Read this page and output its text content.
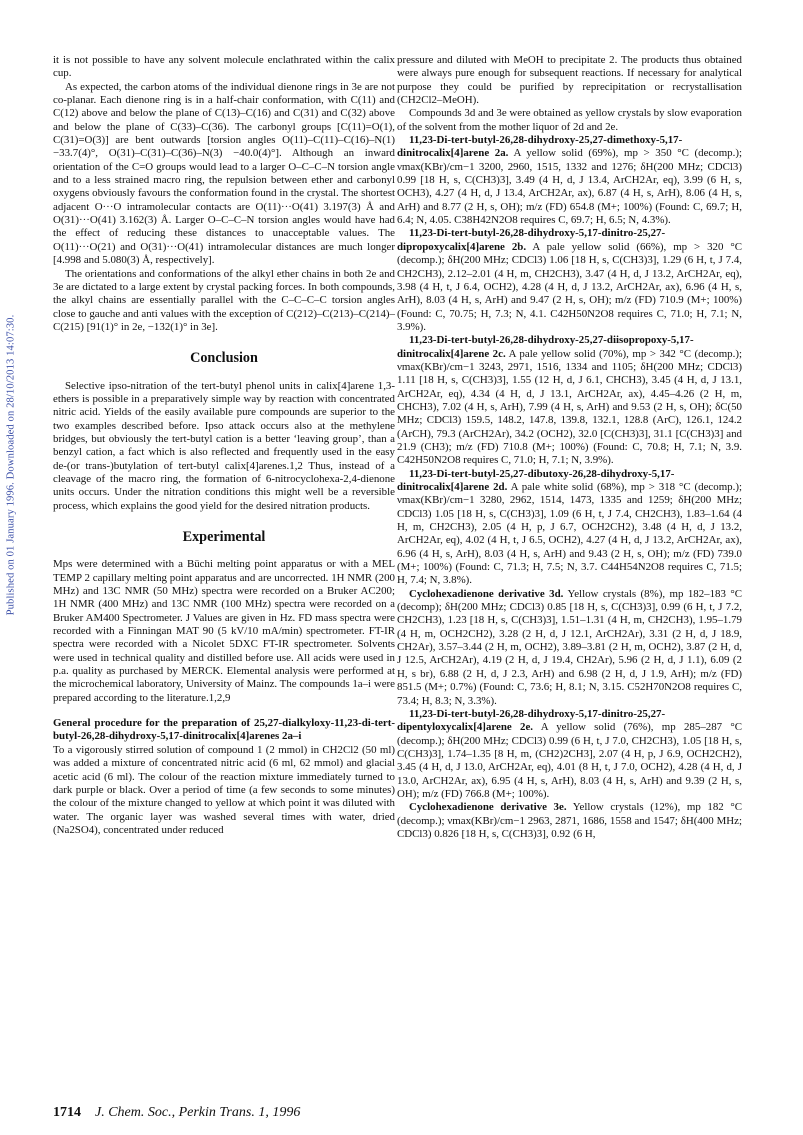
Published on 01 January 1996. Downloaded on 28/10/2013 14:07:30.

it is not possible to have any solvent molecule enclathrated within the calix cup.

As expected, the carbon atoms of the individual dienone rings in 3e are not co-planar. Each dienone ring is in a half-chair conformation, with C(11) and C(12) above and below the plane of C(13)–C(16) and C(31) and C(32) above and below the plane of C(33)–C(36). The carbonyl groups [C(11)=O(1), C(31)=O(3)] are bent outwards [torsion angles O(11)–C(11)–C(16)–N(1) −33.7(4)°, O(31)–C(31)–C(36)–N(3) −40.0(4)°]. Although an inward orientation of the C=O groups would lead to a larger O–C–C–N torsion angle and to a less strained macro ring, the repulsion between ether and carbonyl oxygens obviously favours the conformation found in the crystal. The shortest adjacent O···O intramolecular contacts are O(11)···O(41) 3.197(3) Å and O(31)···O(41) 3.162(3) Å. Larger O–C–C–N torsion angles would have had the effect of reducing these distances to unacceptable values. The O(11)···O(21) and O(31)···O(41) intramolecular distances are much longer [4.998 and 5.080(3) Å, respectively].

The orientations and conformations of the alkyl ether chains in both 2e and 3e are dictated to a large extent by crystal packing forces. In both compounds, the alkyl chains are essentially parallel with the C–C–C–C torsion angles close to gauche and anti values with the exception of C(212)–C(213)–C(214)–C(215) [91(1)° in 2e, −132(1)° in 3e].

Conclusion

Selective ipso-nitration of the tert-butyl phenol units in calix[4]arene 1,3-ethers is possible in a preparatively simple way by reaction with concentrated nitric acid. Yields of the easily available pure compounds are superior to the two examples described before. Ipso attack occurs also at the methylene bridges, but obviously the tert-butyl cation is a better ‘leaving group’, than a benzyl cation, a fact which is also reflected and frequently used in the easy de-(or trans-)butylation of tert-butyl calix[4]arenes.1,2 Thus, instead of a cleavage of the macro ring, the formation of 6-nitrocyclohexa-2,4-dienone units occurs. Under the nitration conditions this might well be a reversible process, which explains the good yield for the desired nitration products.

Experimental

Mps were determined with a Büchi melting point apparatus or with a MEL TEMP 2 capillary melting point apparatus and are uncorrected. 1H NMR (200 MHz) and 13C NMR (50 MHz) spectra were recorded on a Bruker AC200; 1H NMR (400 MHz) and 13C NMR (100 MHz) spectra were recorded on a Bruker AM400 Spectrometer. J Values are given in Hz. FD mass spectra were recorded with a Finningan MAT 90 (5 kV/10 mA/min) spectrometer. FT-IR spectra were recorded with a Nicolet 5DXC FT-IR spectrometer. Solvents were used in technical quality and distilled before use. All acids were used in p.a. quality as purchased by MERCK. Elemental analysis were performed at the microchemical laboratory, University of Mainz. The compounds 1a–i were prepared according to the literature.1,2,9

General procedure for the preparation of 25,27-dialkyloxy-11,23-di-tert-butyl-26,28-dihydroxy-5,17-dinitrocalix[4]arenes 2a–i

To a vigorously stirred solution of compound 1 (2 mmol) in CH2Cl2 (50 ml) was added a mixture of concentrated nitric acid (6 ml, 62 mmol) and glacial acetic acid (6 ml). The colour of the reaction mixture immediately turned to dark purple or black. Over a period of time (a few seconds to some minutes) the colour of the mixture changed to yellow at which point it was diluted with water. The organic layer was washed several times with water, dried (Na2SO4), concentrated under reduced

pressure and diluted with MeOH to precipitate 2. The products thus obtained were always pure enough for subsequent reactions. If necessary for analytical purpose they could be purified by reprecipitation or recrystallisation (CH2Cl2–MeOH).

Compounds 3d and 3e were obtained as yellow crystals by slow evaporation of the solvent from the mother liquor of 2d and 2e.

11,23-Di-tert-butyl-26,28-dihydroxy-25,27-dimethoxy-5,17-dinitrocalix[4]arene 2a. A yellow solid (69%), mp > 350 °C (decomp.); νmax(KBr)/cm−1 3200, 2960, 1515, 1332 and 1276; δH(200 MHz; CDCl3) 0.99 [18 H, s, C(CH3)3], 3.49 (4 H, d, J 13.4, ArCH2Ar, eq), 3.99 (6 H, s, OCH3), 4.27 (4 H, d, J 13.4, ArCH2Ar, ax), 6.87 (4 H, s, ArH), 8.06 (4 H, s, ArH) and 8.77 (2 H, s, OH); m/z (FD) 654.8 (M+; 100%) (Found: C, 69.7; H, 6.4; N, 4.05. C38H42N2O8 requires C, 69.7; H, 6.5; N, 4.3%).

11,23-Di-tert-butyl-26,28-dihydroxy-5,17-dinitro-25,27-dipropoxycalix[4]arene 2b. A pale yellow solid (66%), mp > 320 °C (decomp.); δH(200 MHz; CDCl3) 1.06 [18 H, s, C(CH3)3], 1.29 (6 H, t, J 7.4, CH2CH3), 2.12–2.01 (4 H, m, CH2CH3), 3.47 (4 H, d, J 13.2, ArCH2Ar, eq), 3.98 (4 H, t, J 6.4, OCH2), 4.28 (4 H, d, J 13.2, ArCH2Ar, ax), 6.96 (4 H, s, ArH), 8.03 (4 H, s, ArH) and 9.47 (2 H, s, OH); m/z (FD) 710.9 (M+; 100%) (Found: C, 70.75; H, 7.3; N, 4.1. C42H50N2O8 requires C, 71.0; H, 7.1; N, 3.9%).

11,23-Di-tert-butyl-26,28-dihydroxy-25,27-diisopropoxy-5,17-dinitrocalix[4]arene 2c. A pale yellow solid (70%), mp > 342 °C (decomp.); νmax(KBr)/cm−1 3243, 2971, 1516, 1334 and 1105; δH(200 MHz; CDCl3) 1.11 [18 H, s, C(CH3)3], 1.55 (12 H, d, J 6.1, CHCH3), 3.45 (4 H, d, J 13.1, ArCH2Ar, eq), 4.34 (4 H, d, J 13.1, ArCH2Ar, ax), 4.45–4.26 (2 H, m, CHCH3), 7.02 (4 H, s, ArH), 7.99 (4 H, s, ArH) and 9.53 (2 H, s, OH); δC(50 MHz; CDCl3) 159.5, 148.2, 147.8, 139.8, 132.1, 128.8 (ArC), 126.1, 124.2 (ArCH), 79.3 (ArCH2Ar), 34.2 (OCH2), 32.0 [C(CH3)3], 31.1 [C(CH3)3] and 21.9 (CH3); m/z (FD) 710.8 (M+; 100%) (Found: C, 70.8; H, 7.1; N, 3.9. C42H50N2O8 requires C, 71.0; H, 7.1; N, 3.9%).

11,23-Di-tert-butyl-25,27-dibutoxy-26,28-dihydroxy-5,17-dinitrocalix[4]arene 2d. A pale white solid (68%), mp > 318 °C (decomp.); νmax(KBr)/cm−1 3280, 2962, 1514, 1473, 1335 and 1259; δH(200 MHz; CDCl3) 1.05 [18 H, s, C(CH3)3], 1.09 (6 H, t, J 7.4, CH2CH3), 1.83–1.64 (4 H, m, CH2CH3), 2.05 (4 H, p, J 6.7, OCH2CH2), 3.48 (4 H, d, J 13.2, ArCH2Ar, eq), 4.02 (4 H, t, J 6.5, OCH2), 4.27 (4 H, d, J 13.2, ArCH2Ar, ax), 6.96 (4 H, s, ArH), 8.03 (4 H, s, ArH) and 9.43 (2 H, s, OH); m/z (FD) 739.0 (M+; 100%) (Found: C, 71.3; H, 7.5; N, 3.7. C44H54N2O8 requires C, 71.5; H, 7.4; N, 3.8%).

Cyclohexadienone derivative 3d. Yellow crystals (8%), mp 182–183 °C (decomp); δH(200 MHz; CDCl3) 0.85 [18 H, s, C(CH3)3], 0.99 (6 H, t, J 7.2, CH2CH3), 1.23 [18 H, s, C(CH3)3], 1.51–1.31 (4 H, m, CH2CH3), 1.95–1.79 (4 H, m, OCH2CH2), 3.28 (2 H, d, J 12.1, ArCH2Ar), 3.31 (2 H, d, J 18.9, CH2Ar), 3.57–3.44 (2 H, m, OCH2), 3.89–3.81 (2 H, m, OCH2), 3.87 (2 H, d, J 12.5, ArCH2Ar), 4.19 (2 H, d, J 19.4, CH2Ar), 5.96 (2 H, d, J 1.1), 6.09 (2 H, s br), 6.88 (2 H, d, J 2.3, ArH) and 6.98 (2 H, d, J 1.9, ArH); m/z (FD) 851.5 (M+; 0.7%) (Found: C, 73.6; H, 8.1; N, 3.15. C52H70N2O8 requires C, 73.4; H, 8.3; N, 3.3%).

11,23-Di-tert-butyl-26,28-dihydroxy-5,17-dinitro-25,27-dipentyloxycalix[4]arene 2e. A yellow solid (76%), mp 285–287 °C (decomp.); δH(200 MHz; CDCl3) 0.99 (6 H, t, J 7.0, CH2CH3), 1.05 [18 H, s, C(CH3)3], 1.74–1.35 [8 H, m, (CH2)2CH3], 2.07 (4 H, p, J 6.9, OCH2CH2), 3.45 (4 H, d, J 13.0, ArCH2Ar, eq), 4.01 (8 H, t, J 7.0, OCH2), 4.28 (4 H, d, J 13.0, ArCH2Ar, ax), 6.95 (4 H, s, ArH), 8.03 (4 H, s, ArH) and 9.39 (2 H, s, OH); m/z (FD) 766.8 (M+; 100%).

Cyclohexadienone derivative 3e. Yellow crystals (12%), mp 182 °C (decomp.); νmax(KBr)/cm−1 2963, 2871, 1686, 1558 and 1547; δH(400 MHz; CDCl3) 0.826 [18 H, s, C(CH3)3], 0.92 (6 H,

1714 J. Chem. Soc., Perkin Trans. 1, 1996
